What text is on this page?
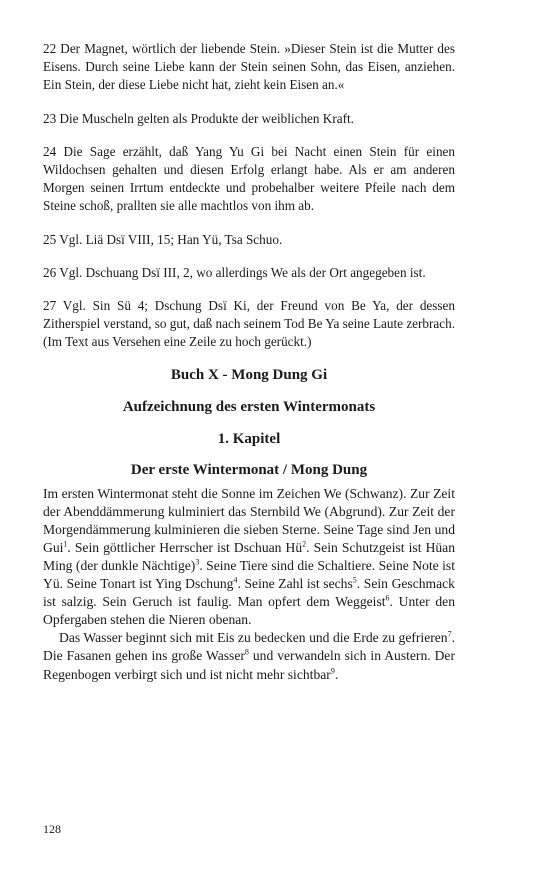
22 Der Magnet, wörtlich der liebende Stein. »Dieser Stein ist die Mutter des Eisens. Durch seine Liebe kann der Stein seinen Sohn, das Eisen, anziehen. Ein Stein, der diese Liebe nicht hat, zieht kein Eisen an.«

23 Die Muscheln gelten als Produkte der weiblichen Kraft.

24 Die Sage erzählt, daß Yang Yu Gi bei Nacht einen Stein für einen Wildochsen gehalten und diesen Erfolg erlangt habe. Als er am anderen Morgen seinen Irrtum entdeckte und probehalber weitere Pfeile nach dem Steine schoß, prallten sie alle machtlos von ihm ab.

25 Vgl. Liä Dsï VIII, 15; Han Yü, Tsa Schuo.

26 Vgl. Dschuang Dsï III, 2, wo allerdings We als der Ort angegeben ist.

27 Vgl. Sin Sü 4; Dschung Dsï Ki, der Freund von Be Ya, der dessen Zitherspiel verstand, so gut, daß nach seinem Tod Be Ya seine Laute zerbrach. (Im Text aus Versehen eine Zeile zu hoch gerückt.)

Buch X - Mong Dung Gi
Aufzeichnung des ersten Wintermonats
1. Kapitel
Der erste Wintermonat / Mong Dung

Im ersten Wintermonat steht die Sonne im Zeichen We (Schwanz). Zur Zeit der Abenddämmerung kulminiert das Sternbild We (Abgrund). Zur Zeit der Morgendämmerung kulminieren die sieben Sterne. Seine Tage sind Jen und Gui$^1$. Sein göttlicher Herrscher ist Dschuan $Hü^2$. Sein Schutzgeist ist Hüan Ming (der dunkle Nächtige)$^3$. Seine Tiere sind die Schaltiere. Seine Note ist Yü. Seine Tonart ist Ying Dschung$^4$. Seine Zahl ist sechs$^5$. Sein Geschmack ist salzig. Sein Geruch ist faulig. Man opfert dem Weggeist$^6$. Unter den Opfergaben stehen die Nieren obenan.

Das Wasser beginnt sich mit Eis zu bedecken und die Erde zu gefrieren$^7$. Die Fasanen gehen ins große Wasser$^8$ und verwandeln sich in Austern. Der Regenbogen verbirgt sich und ist nicht mehr sichtbar$^9$.

128
